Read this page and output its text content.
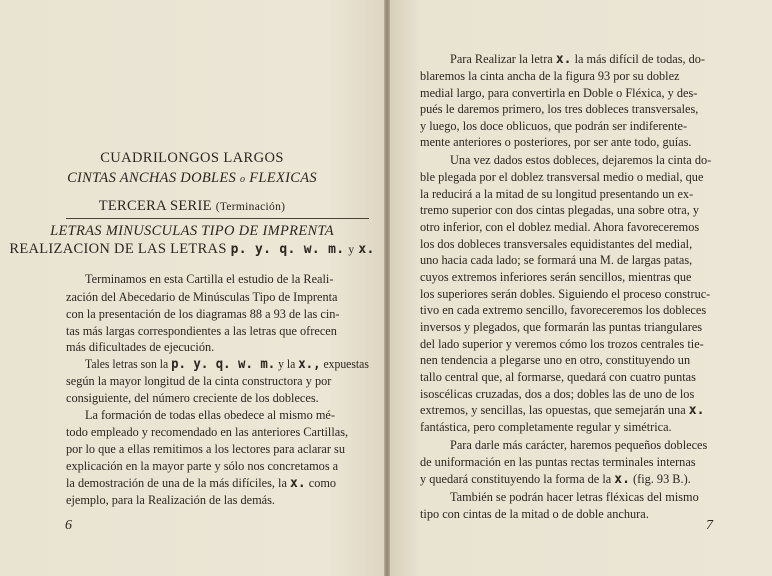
CUADRILONGOS LARGOS
CINTAS ANCHAS DOBLES o FLEXICAS
TERCERA SERIE (Terminación)
LETRAS MINUSCULAS TIPO DE IMPRENTA
REALIZACION DE LAS LETRAS p. y. q. w. m. y x.
Terminamos en esta Cartilla el estudio de la Reali-
zación del Abecedario de Minúsculas Tipo de Imprenta
con la presentación de los diagramas 88 a 93 de las cin-
tas más largas correspondientes a las letras que ofrecen
más dificultades de ejecución.
Tales letras son la p. y. q. w. m. y la x., expuestas
según la mayor longitud de la cinta constructora y por
consiguiente, del número creciente de los dobleces.
La formación de todas ellas obedece al mismo mé-
todo empleado y recomendado en las anteriores Cartillas,
por lo que a ellas remitimos a los lectores para aclarar su
explicación en la mayor parte y sólo nos concretamos a
la demostración de una de la más difíciles, la x. como
ejemplo, para la Realización de las demás.
6
Para Realizar la letra x. la más difícil de todas, do-
blaremos la cinta ancha de la figura 93 por su doblez
medial largo, para convertirla en Doble o Fléxica, y des-
pués le daremos primero, los tres dobleces transversales,
y luego, los doce oblicuos, que podrán ser indiferente-
mente anteriores o posteriores, por ser ante todo, guías.
Una vez dados estos dobleces, dejaremos la cinta do-
ble plegada por el doblez transversal medio o medial, que
la reducirá a la mitad de su longitud presentando un ex-
tremo superior con dos cintas plegadas, una sobre otra, y
otro inferior, con el doblez medial. Ahora favoreceremos
los dos dobleces transversales equidistantes del medial,
uno hacia cada lado; se formará una M. de largas patas,
cuyos extremos inferiores serán sencillos, mientras que
los superiores serán dobles. Siguiendo el proceso construc-
tivo en cada extremo sencillo, favoreceremos los dobleces
inversos y plegados, que formarán las puntas triangulares
del lado superior y veremos cómo los trozos centrales tie-
nen tendencia a plegarse uno en otro, constituyendo un
tallo central que, al formarse, quedará con cuatro puntas
isoscélicas cruzadas, dos a dos; dobles las de uno de los
extremos, y sencillas, las opuestas, que semejarán una x.
fantástica, pero completamente regular y simétrica.
Para darle más carácter, haremos pequeños dobleces
de uniformación en las puntas rectas terminales internas
y quedará constituyendo la forma de la x. (fig. 93 B.).
También se podrán hacer letras fléxicas del mismo
tipo con cintas de la mitad o de doble anchura.
7
